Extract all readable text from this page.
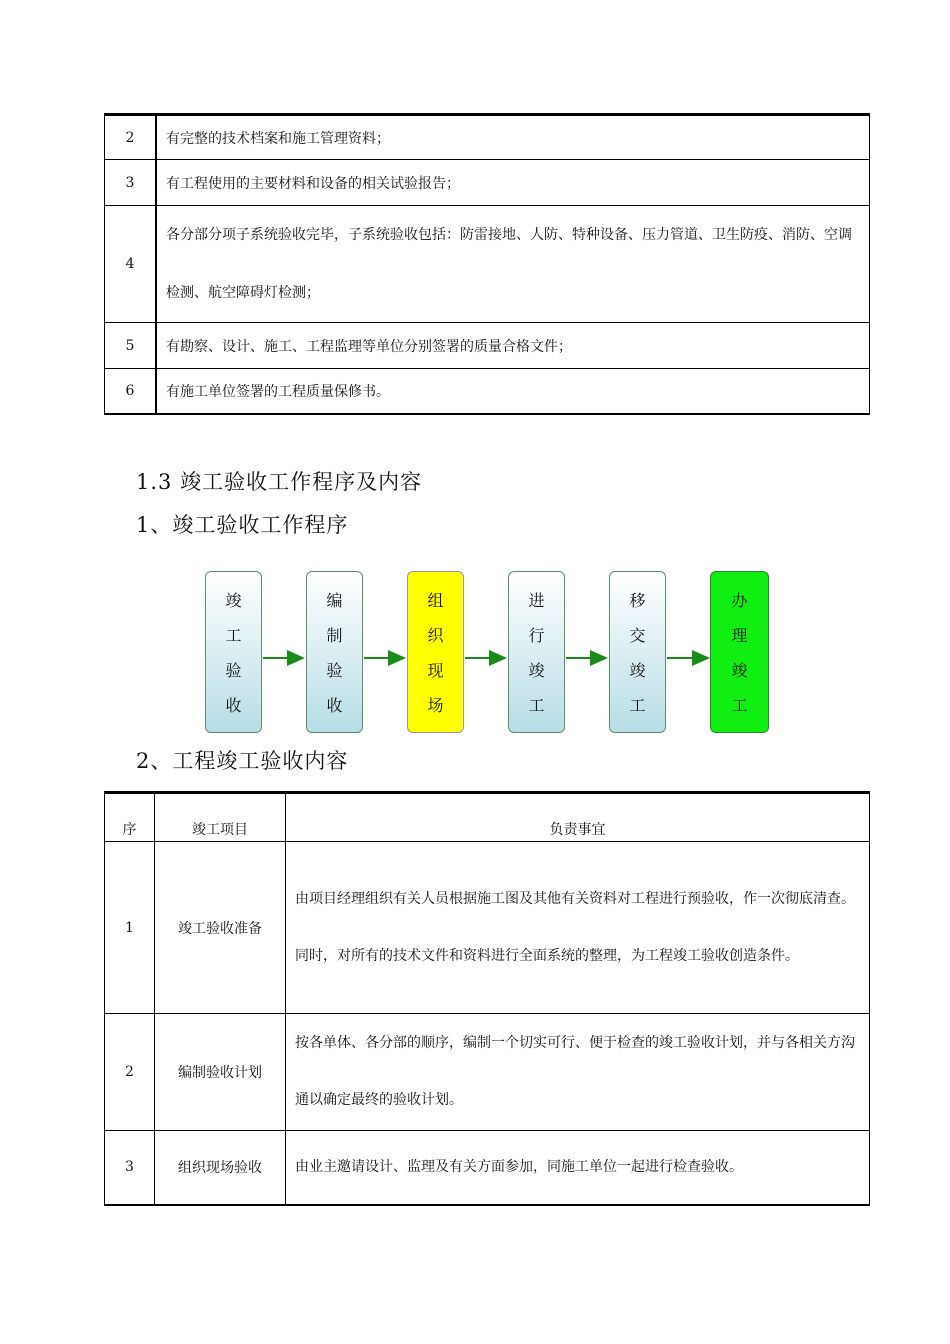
2	有完整的技术档案和施工管理资料；
3	有工程使用的主要材料和设备的相关试验报告；
4	各分部分项子系统验收完毕，子系统验收包括：防雷接地、人防、特种设备、压力管道、卫生防疫、消防、空调检测、航空障碍灯检测；
5	有勘察、设计、施工、工程监理等单位分别签署的质量合格文件；
6	有施工单位签署的工程质量保修书。
1.3 竣工验收工作程序及内容
1、竣工验收工作程序
竣
工
验
收
编
制
验
收
组
织
现
场
进
行
竣
工
移
交
竣
工
办
理
竣
工
2、工程竣工验收内容
序	竣工项目	负责事宜
1	竣工验收准备	由项目经理组织有关人员根据施工图及其他有关资料对工程进行预验收，作一次彻底清查。同时，对所有的技术文件和资料进行全面系统的整理，为工程竣工验收创造条件。
2	编制验收计划	按各单体、各分部的顺序，编制一个切实可行、便于检查的竣工验收计划，并与各相关方沟通以确定最终的验收计划。
3	组织现场验收	由业主邀请设计、监理及有关方面参加，同施工单位一起进行检查验收。
